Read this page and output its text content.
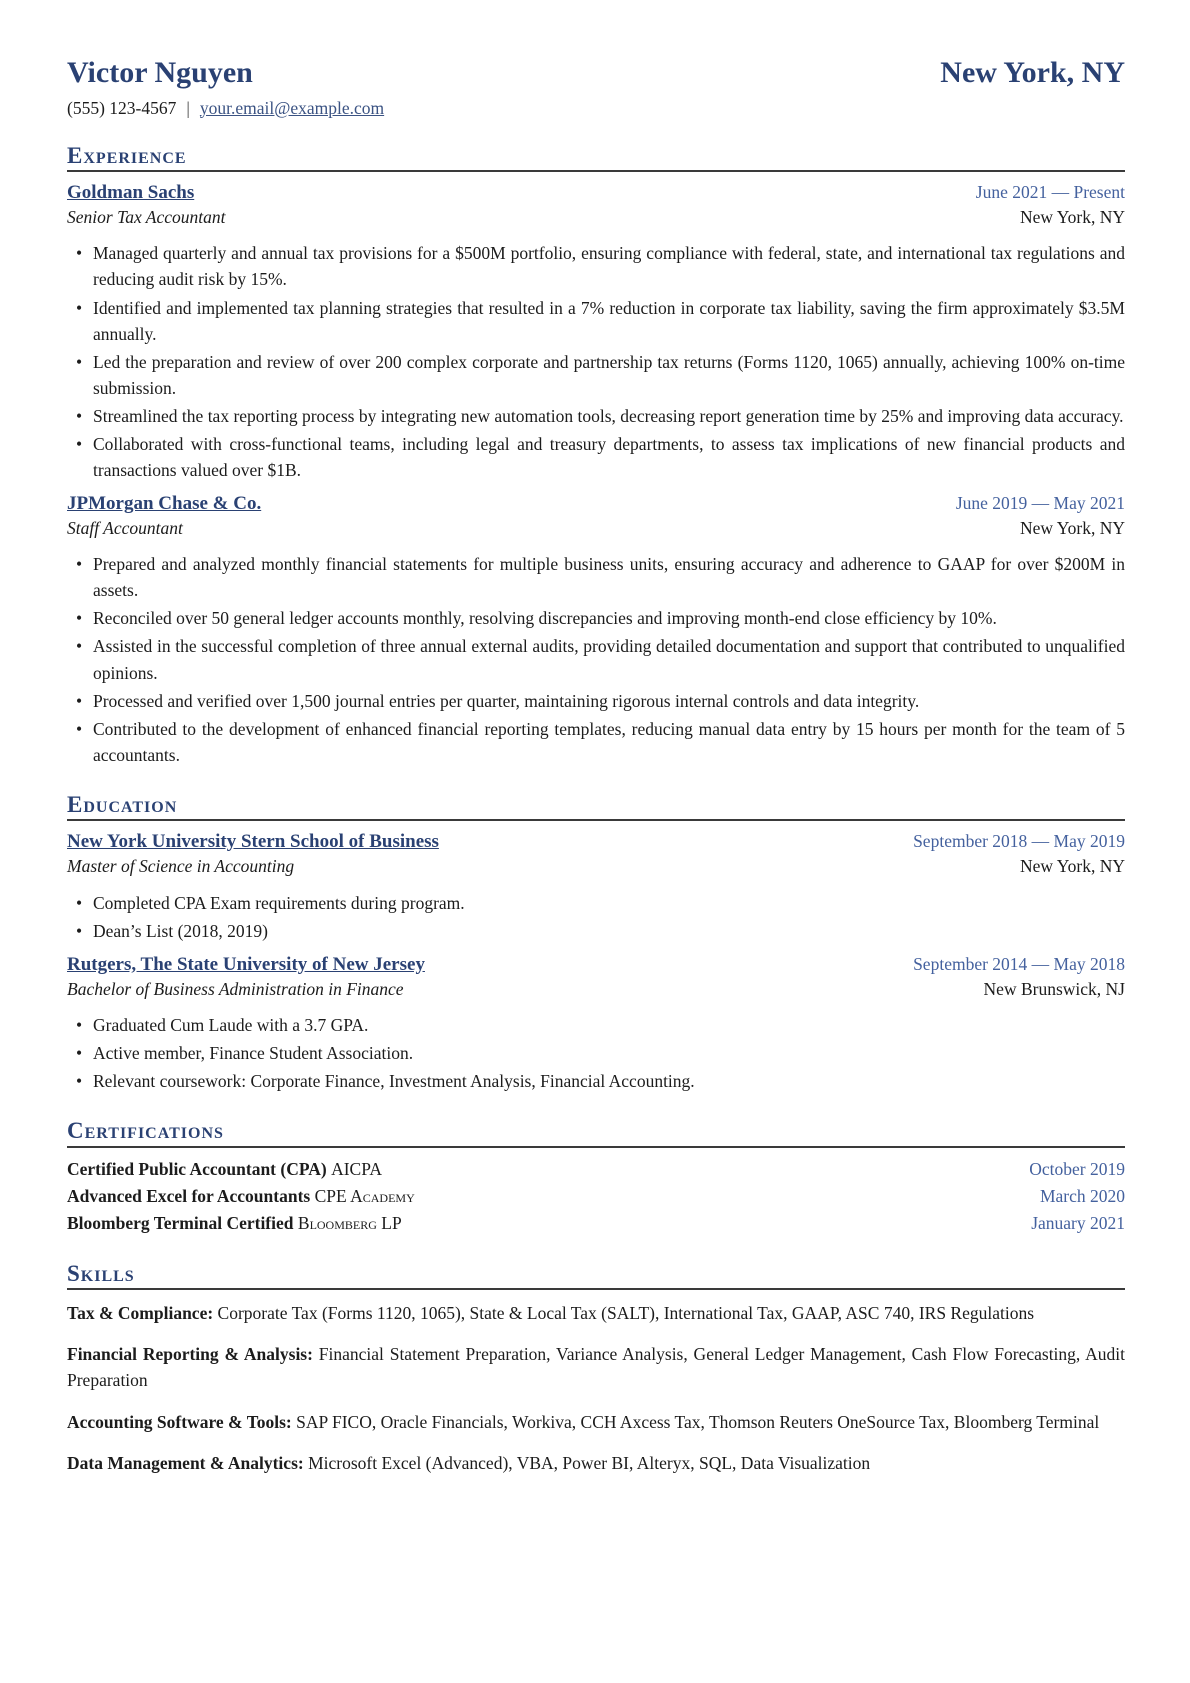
Victor Nguyen	New York, NY
(555) 123-4567 | your.email@example.com
Experience
Goldman Sachs	June 2021 — Present
Senior Tax Accountant	New York, NY
• Managed quarterly and annual tax provisions for a $500M portfolio, ensuring compliance with federal, state, and international tax regulations and reducing audit risk by 15%.
• Identified and implemented tax planning strategies that resulted in a 7% reduction in corporate tax liability, saving the firm approximately $3.5M annually.
• Led the preparation and review of over 200 complex corporate and partnership tax returns (Forms 1120, 1065) annually, achieving 100% on-time submission.
• Streamlined the tax reporting process by integrating new automation tools, decreasing report generation time by 25% and improving data accuracy.
• Collaborated with cross-functional teams, including legal and treasury departments, to assess tax implications of new financial products and transactions valued over $1B.
JPMorgan Chase & Co.	June 2019 — May 2021
Staff Accountant	New York, NY
• Prepared and analyzed monthly financial statements for multiple business units, ensuring accuracy and adherence to GAAP for over $200M in assets.
• Reconciled over 50 general ledger accounts monthly, resolving discrepancies and improving month-end close efficiency by 10%.
• Assisted in the successful completion of three annual external audits, providing detailed documentation and support that contributed to unqualified opinions.
• Processed and verified over 1,500 journal entries per quarter, maintaining rigorous internal controls and data integrity.
• Contributed to the development of enhanced financial reporting templates, reducing manual data entry by 15 hours per month for the team of 5 accountants.
Education
New York University Stern School of Business	September 2018 — May 2019
Master of Science in Accounting	New York, NY
• Completed CPA Exam requirements during program.
• Dean’s List (2018, 2019)
Rutgers, The State University of New Jersey	September 2014 — May 2018
Bachelor of Business Administration in Finance	New Brunswick, NJ
• Graduated Cum Laude with a 3.7 GPA.
• Active member, Finance Student Association.
• Relevant coursework: Corporate Finance, Investment Analysis, Financial Accounting.
Certifications
Certified Public Accountant (CPA) AICPA	October 2019
Advanced Excel for Accountants CPE Academy	March 2020
Bloomberg Terminal Certified Bloomberg LP	January 2021
Skills

Tax & Compliance: Corporate Tax (Forms 1120, 1065), State & Local Tax (SALT), International Tax, GAAP, ASC 740, IRS Regulations

Financial Reporting & Analysis: Financial Statement Preparation, Variance Analysis, General Ledger Management, Cash Flow Forecasting, Audit Preparation

Accounting Software & Tools: SAP FICO, Oracle Financials, Workiva, CCH Axcess Tax, Thomson Reuters OneSource Tax, Bloomberg Terminal

Data Management & Analytics: Microsoft Excel (Advanced), VBA, Power BI, Alteryx, SQL, Data Visualization
